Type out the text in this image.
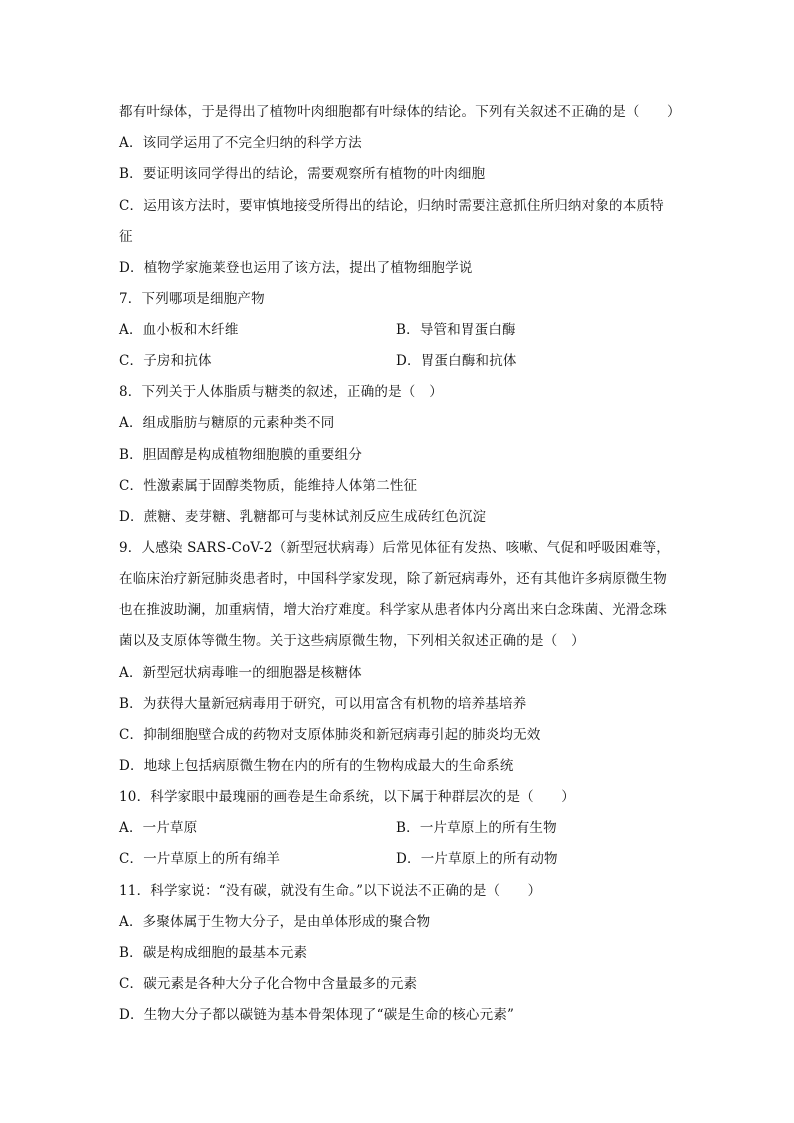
都有叶绿体，于是得出了植物叶肉细胞都有叶绿体的结论。下列有关叙述不正确的是（　　）
A．该同学运用了不完全归纳的科学方法
B．要证明该同学得出的结论，需要观察所有植物的叶肉细胞
C．运用该方法时，要审慎地接受所得出的结论，归纳时需要注意抓住所归纳对象的本质特
征
D．植物学家施莱登也运用了该方法，提出了植物细胞学说
7．下列哪项是细胞产物
A．血小板和木纤维	B．导管和胃蛋白酶
C．子房和抗体	D．胃蛋白酶和抗体
8．下列关于人体脂质与糖类的叙述，正确的是（　）
A．组成脂肪与糖原的元素种类不同
B．胆固醇是构成植物细胞膜的重要组分
C．性激素属于固醇类物质，能维持人体第二性征
D．蔗糖、麦芽糖、乳糖都可与斐林试剂反应生成砖红色沉淀
9．人感染 SARS-CoV-2（新型冠状病毒）后常见体征有发热、咳嗽、气促和呼吸困难等，
在临床治疗新冠肺炎患者时，中国科学家发现，除了新冠病毒外，还有其他许多病原微生物
也在推波助澜，加重病情，增大治疗难度。科学家从患者体内分离出来白念珠菌、光滑念珠
菌以及支原体等微生物。关于这些病原微生物，下列相关叙述正确的是（　）
A．新型冠状病毒唯一的细胞器是核糖体
B．为获得大量新冠病毒用于研究，可以用富含有机物的培养基培养
C．抑制细胞壁合成的药物对支原体肺炎和新冠病毒引起的肺炎均无效
D．地球上包括病原微生物在内的所有的生物构成最大的生命系统
10．科学家眼中最瑰丽的画卷是生命系统，以下属于种群层次的是（　　）
A．一片草原	B．一片草原上的所有生物
C．一片草原上的所有绵羊	D．一片草原上的所有动物
11．科学家说：“没有碳，就没有生命。”以下说法不正确的是（　　）
A．多聚体属于生物大分子，是由单体形成的聚合物
B．碳是构成细胞的最基本元素
C．碳元素是各种大分子化合物中含量最多的元素
D．生物大分子都以碳链为基本骨架体现了“碳是生命的核心元素”
